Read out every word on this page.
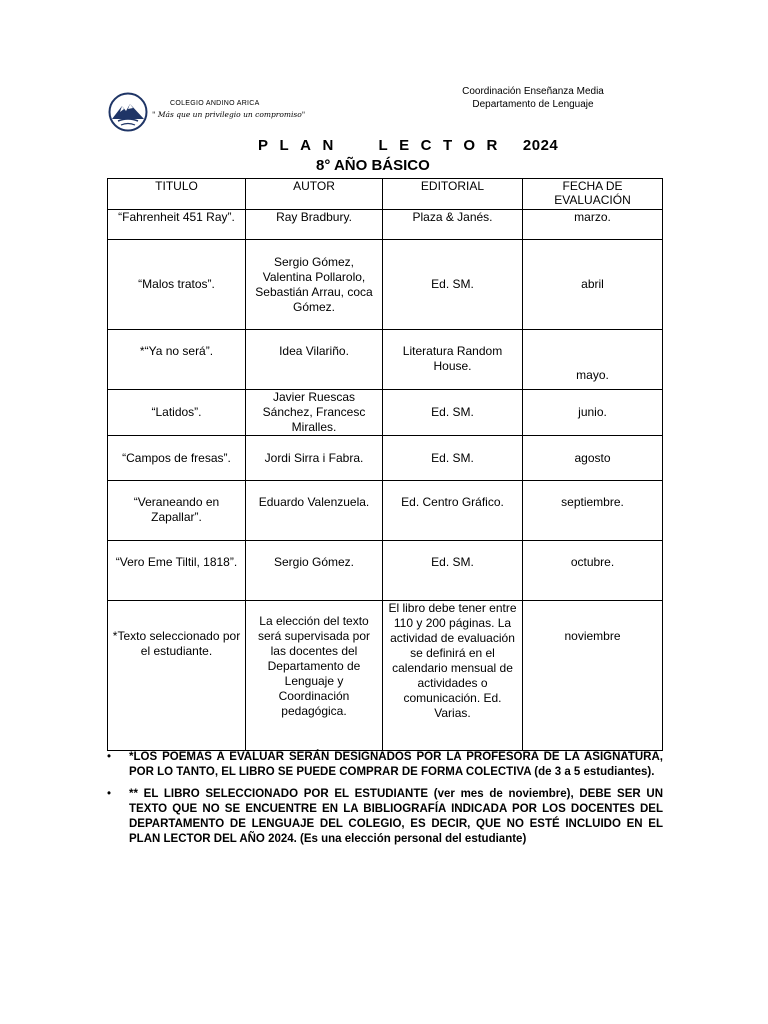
Coordinación Enseñanza Media
Departamento de Lenguaje
COLEGIO ANDINO ARICA
" Más que un privilegio un compromiso"
PLAN LECTOR 2024
8° AÑO BÁSICO
TITULO	AUTOR	EDITORIAL	FECHA DE EVALUACIÓN
“Fahrenheit 451 Ray”.	Ray Bradbury.	Plaza & Janés.	marzo.
“Malos tratos”.	Sergio Gómez, Valentina Pollarolo, Sebastián Arrau, coca Gómez.	Ed. SM.	abril
*“Ya no será”.	Idea Vilariño.	Literatura Random House.	mayo.
“Latidos”.	Javier Ruescas Sánchez, Francesc Miralles.	Ed. SM.	junio.
“Campos de fresas”.	Jordi Sirra i Fabra.	Ed. SM.	agosto
“Veraneando en Zapallar”.	Eduardo Valenzuela.	Ed. Centro Gráfico.	septiembre.
“Vero Eme Tiltil, 1818”.	Sergio Gómez.	Ed. SM.	octubre.
*Texto seleccionado por el estudiante.	La elección del texto será supervisada por las docentes del Departamento de Lenguaje y Coordinación pedagógica.	El libro debe tener entre 110 y 200 páginas. La actividad de evaluación se definirá en el calendario mensual de actividades o comunicación. Ed. Varias.	noviembre
• *LOS POEMAS A EVALUAR SERÁN DESIGNADOS POR LA PROFESORA DE LA ASIGNATURA, POR LO TANTO, EL LIBRO SE PUEDE COMPRAR DE FORMA COLECTIVA (de 3 a 5 estudiantes).
• ** EL LIBRO SELECCIONADO POR EL ESTUDIANTE (ver mes de noviembre), DEBE SER UN TEXTO QUE NO SE ENCUENTRE EN LA BIBLIOGRAFÍA INDICADA POR LOS DOCENTES DEL DEPARTAMENTO DE LENGUAJE DEL COLEGIO, ES DECIR, QUE NO ESTÉ INCLUIDO EN EL PLAN LECTOR DEL AÑO 2024. (Es una elección personal del estudiante)
